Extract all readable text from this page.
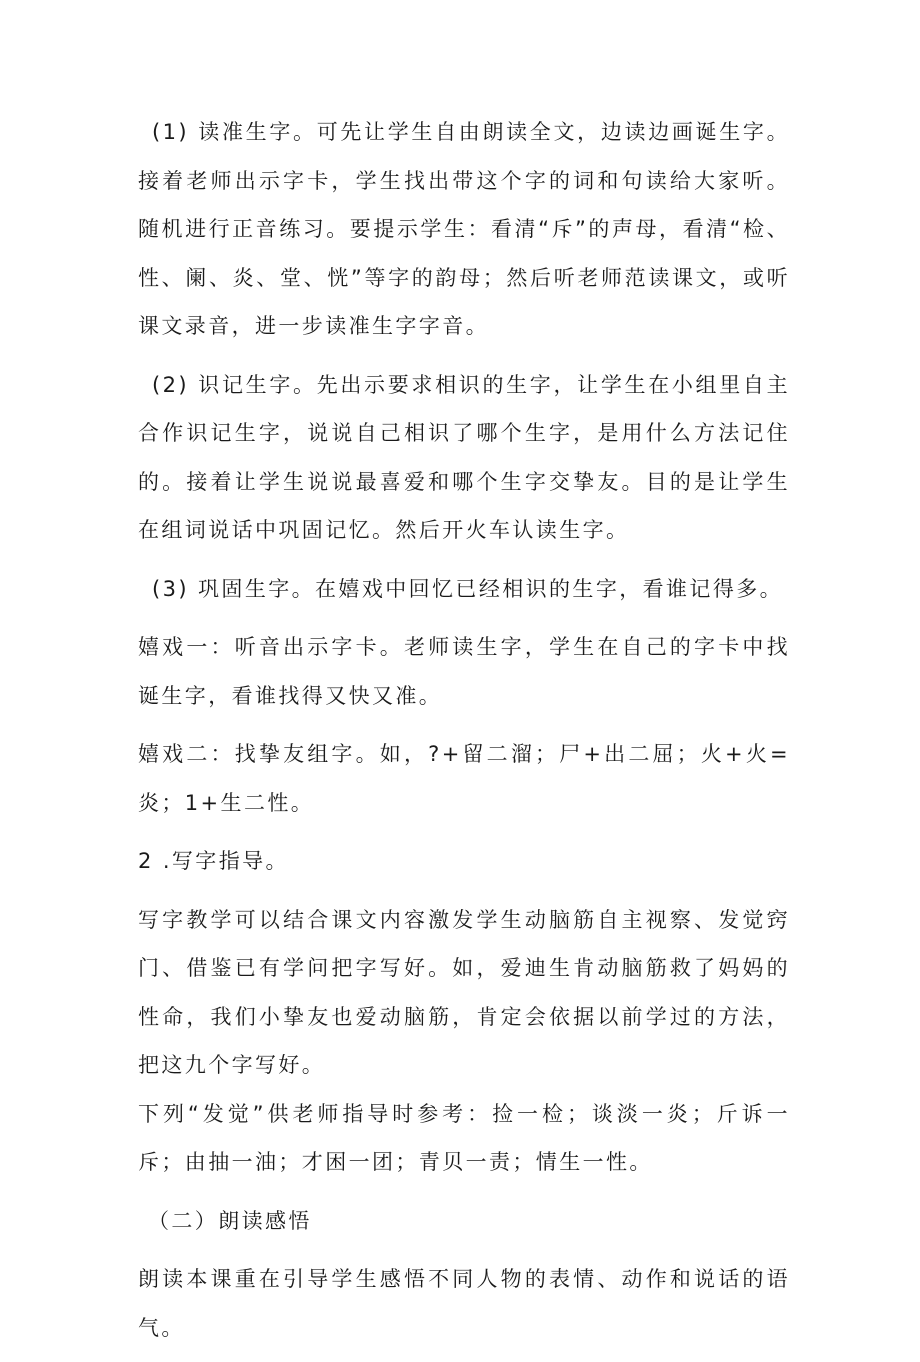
(1) 读准生字。可先让学生自由朗读全文，边读边画诞生字。接着老师出示字卡，学生找出带这个字的词和句读给大家听。随机进行正音练习。要提示学生：看清“斥”的声母，看清“检、性、阑、炎、堂、恍”等字的韵母；然后听老师范读课文，或听课文录音，进一步读准生字字音。

(2) 识记生字。先出示要求相识的生字，让学生在小组里自主合作识记生字，说说自己相识了哪个生字，是用什么方法记住的。接着让学生说说最喜爱和哪个生字交挚友。目的是让学生在组词说话中巩固记忆。然后开火车认读生字。

(3) 巩固生字。在嬉戏中回忆已经相识的生字，看谁记得多。

嬉戏一：听音出示字卡。老师读生字，学生在自己的字卡中找诞生字，看谁找得又快又准。

嬉戏二：找挚友组字。如，?+留二溜；尸+出二屈；火+火=炎；1+生二性。

2 .写字指导。

写字教学可以结合课文内容激发学生动脑筋自主视察、发觉窍门、借鉴已有学问把字写好。如，爱迪生肯动脑筋救了妈妈的性命，我们小挚友也爱动脑筋，肯定会依据以前学过的方法，把这九个字写好。

下列“发觉”供老师指导时参考：捡一检；谈淡一炎；斤诉一斥；由抽一油；才困一团；青贝一责；情生一性。

（二）朗读感悟

朗读本课重在引导学生感悟不同人物的表情、动作和说话的语气。
